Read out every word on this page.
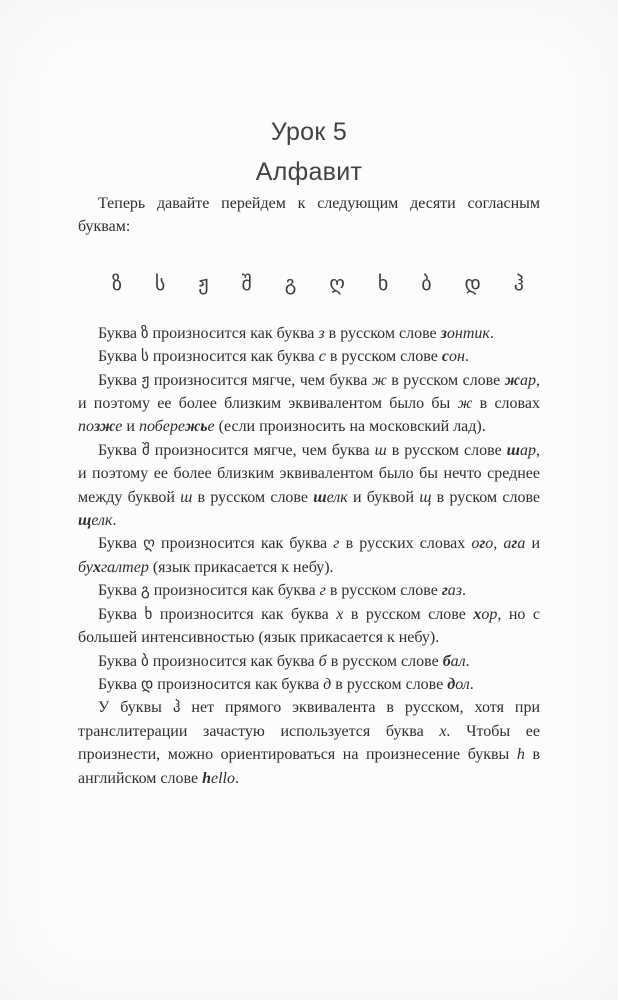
Урок 5
Алфавит
Теперь давайте перейдем к следующим десяти согласным буквам:
ზ ს ჟ შ გ ღ ხ ბ დ ჰ
Буква ზ произносится как буква з в русском слове зонтик.
Буква ს произносится как буква с в русском слове сон.
Буква ჟ произносится мягче, чем буква ж в русском слове жар, и поэтому ее более близким эквивалентом было бы ж в словах позже и побережье (если произносить на московский лад).
Буква შ произносится мягче, чем буква ш в русском слове шар, и поэтому ее более близким эквивалентом было бы нечто среднее между буквой ш в русском слове шелк и буквой щ в руском слове щелк.
Буква ღ произносится как буква г в русских словах ого, ага и бухгалтер (язык прикасается к небу).
Буква გ произносится как буква г в русском слове газ.
Буква ხ произносится как буква х в русском слове хор, но с большей интенсивностью (язык прикасается к небу).
Буква ბ произносится как буква б в русском слове бал.
Буква დ произносится как буква д в русском слове дол.
У буквы ჰ нет прямого эквивалента в русском, хотя при транслитерации зачастую используется буква х. Чтобы ее произнести, можно ориентироваться на произнесение буквы h в английском слове hello.
